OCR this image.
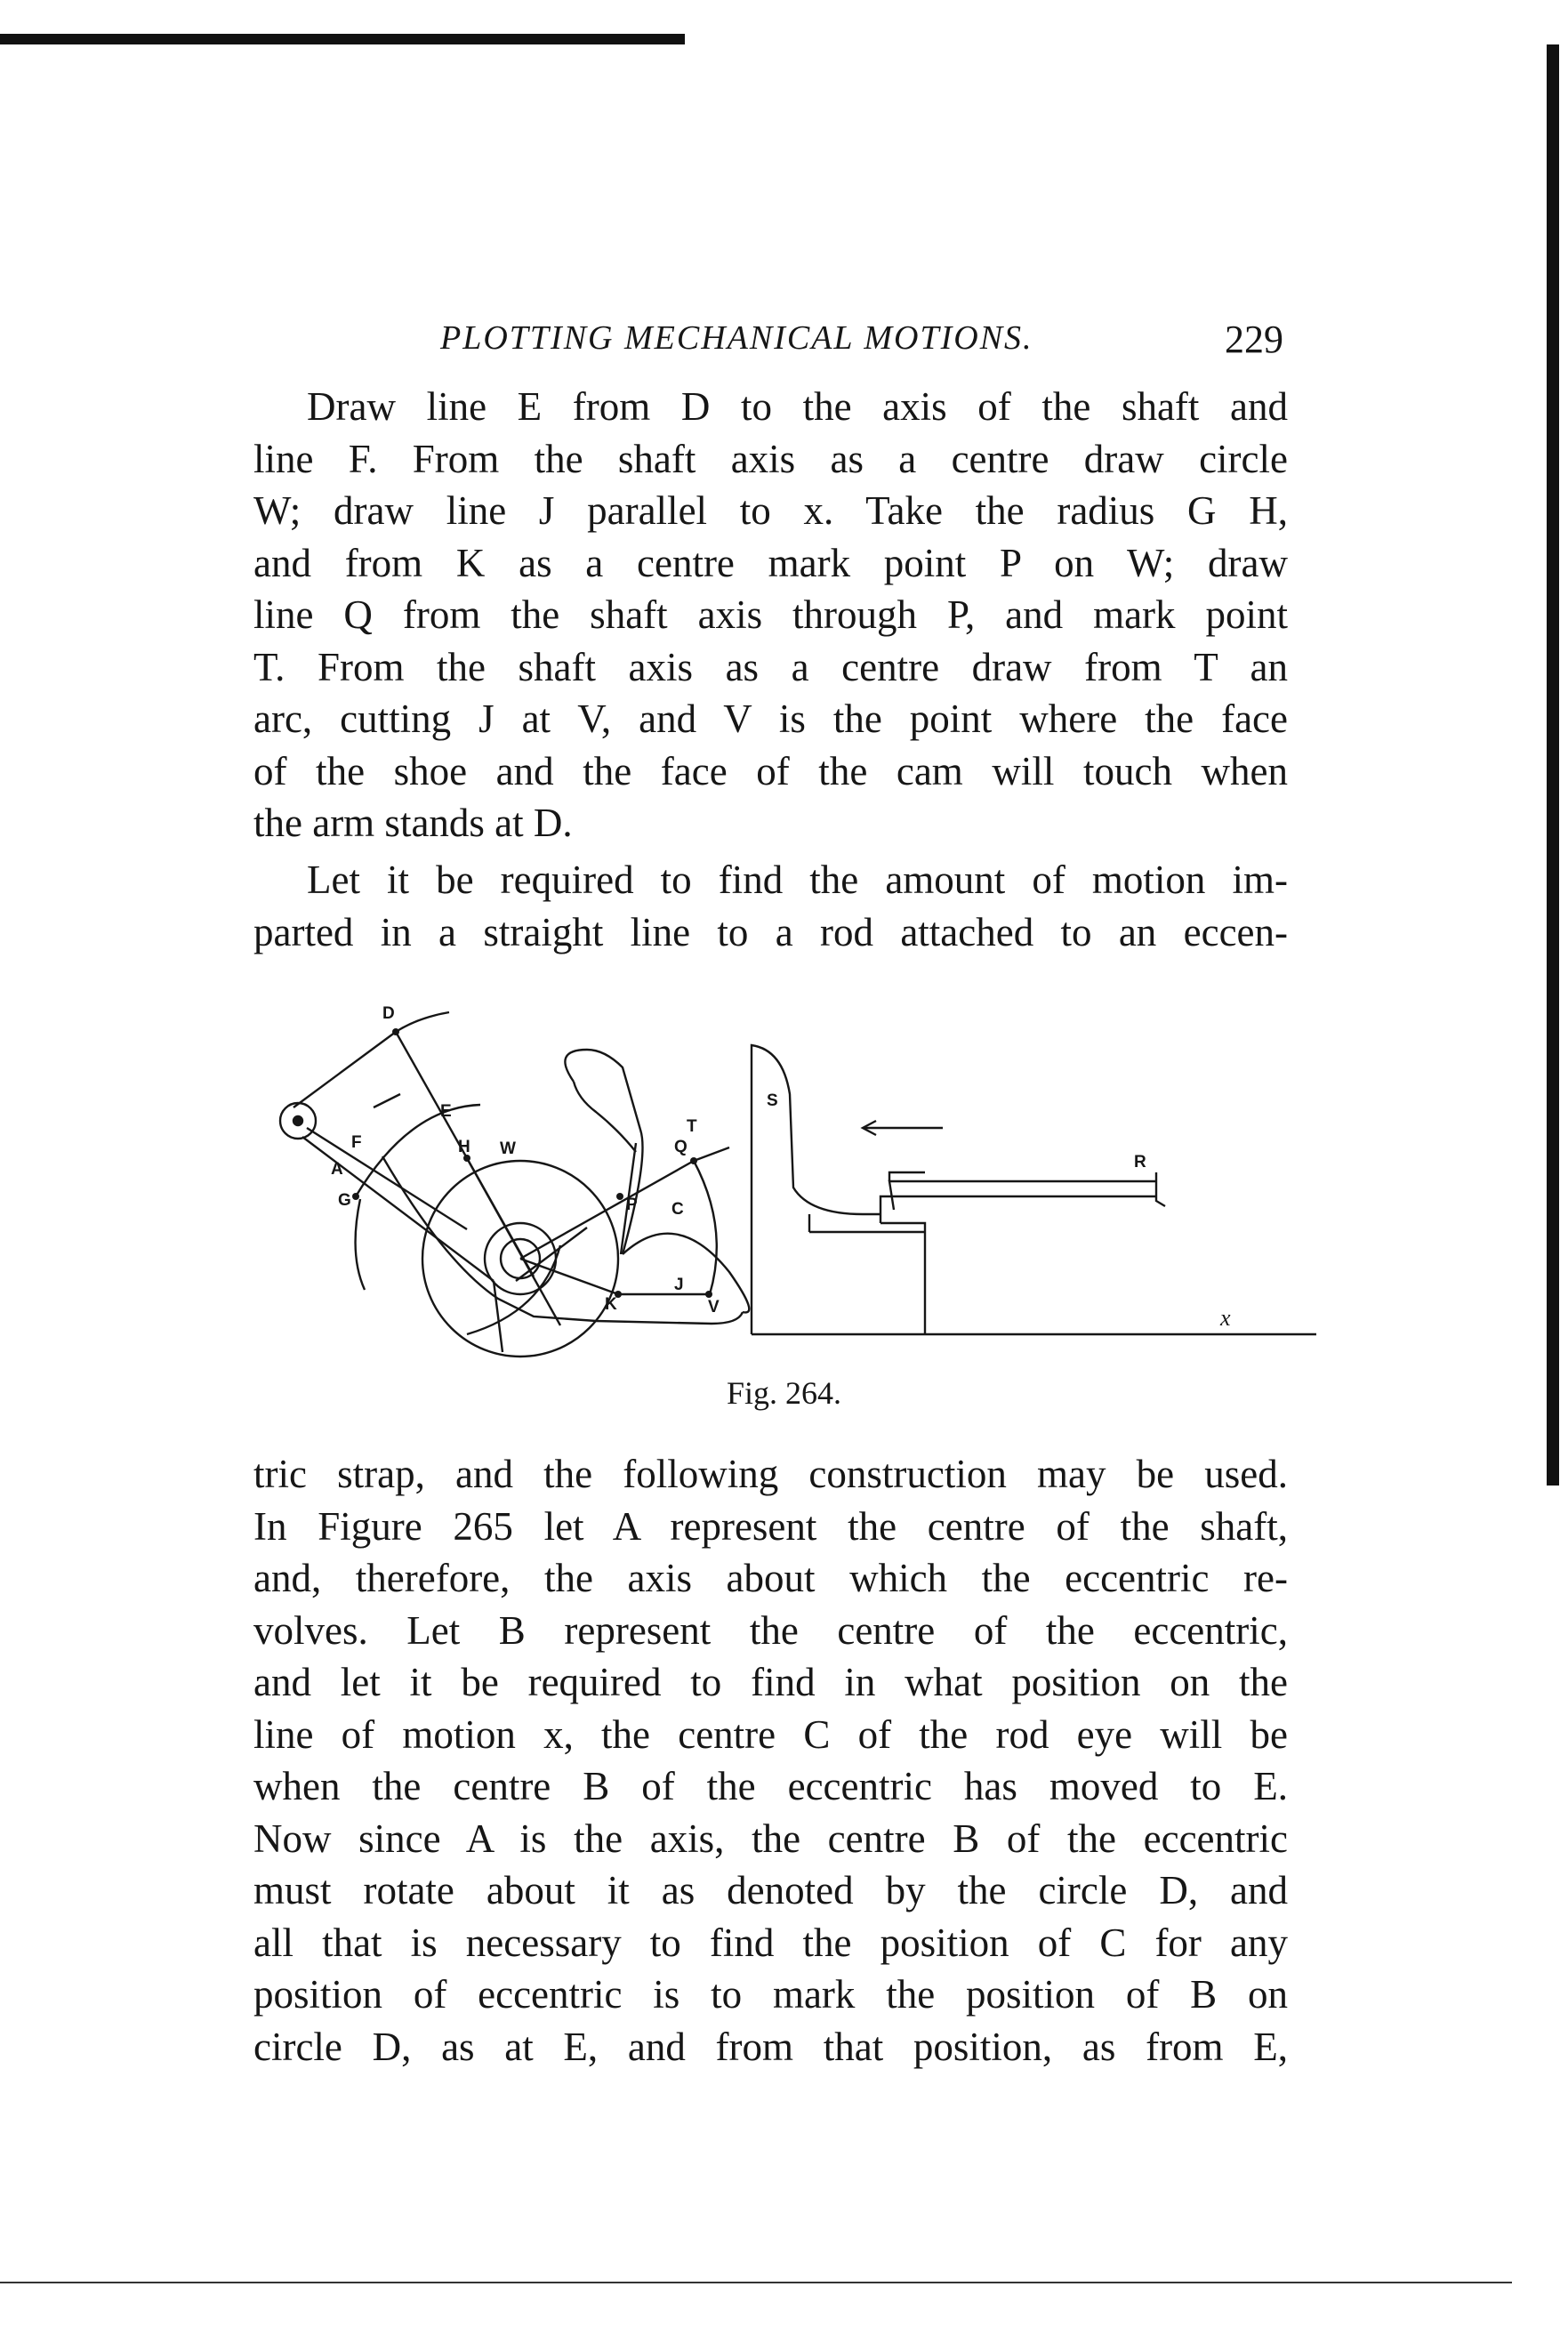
PLOTTING MECHANICAL MOTIONS.	229

Draw line E from D to the axis of the shaft and
line F. From the shaft axis as a centre draw circle
W; draw line J parallel to x. Take the radius G H,
and from K as a centre mark point P on W; draw
line Q from the shaft axis through P, and mark point
T. From the shaft axis as a centre draw from T an
arc, cutting J at V, and V is the point where the face
of the shoe and the face of the cam will touch when
the arm stands at D.

Let it be required to find the amount of motion im-
parted in a straight line to a rod attached to an eccen-

D
E
F
A
G
H W	Q
T
P C
K
J
V
S
R
x
Fig. 264.

tric strap, and the following construction may be used.
In Figure 265 let A represent the centre of the shaft,
and, therefore, the axis about which the eccentric re-
volves. Let B represent the centre of the eccentric,
and let it be required to find in what position on the
line of motion x, the centre C of the rod eye will be
when the centre B of the eccentric has moved to E.
Now since A is the axis, the centre B of the eccentric
must rotate about it as denoted by the circle D, and
all that is necessary to find the position of C for any
position of eccentric is to mark the position of B on
circle D, as at E, and from that position, as from E,
